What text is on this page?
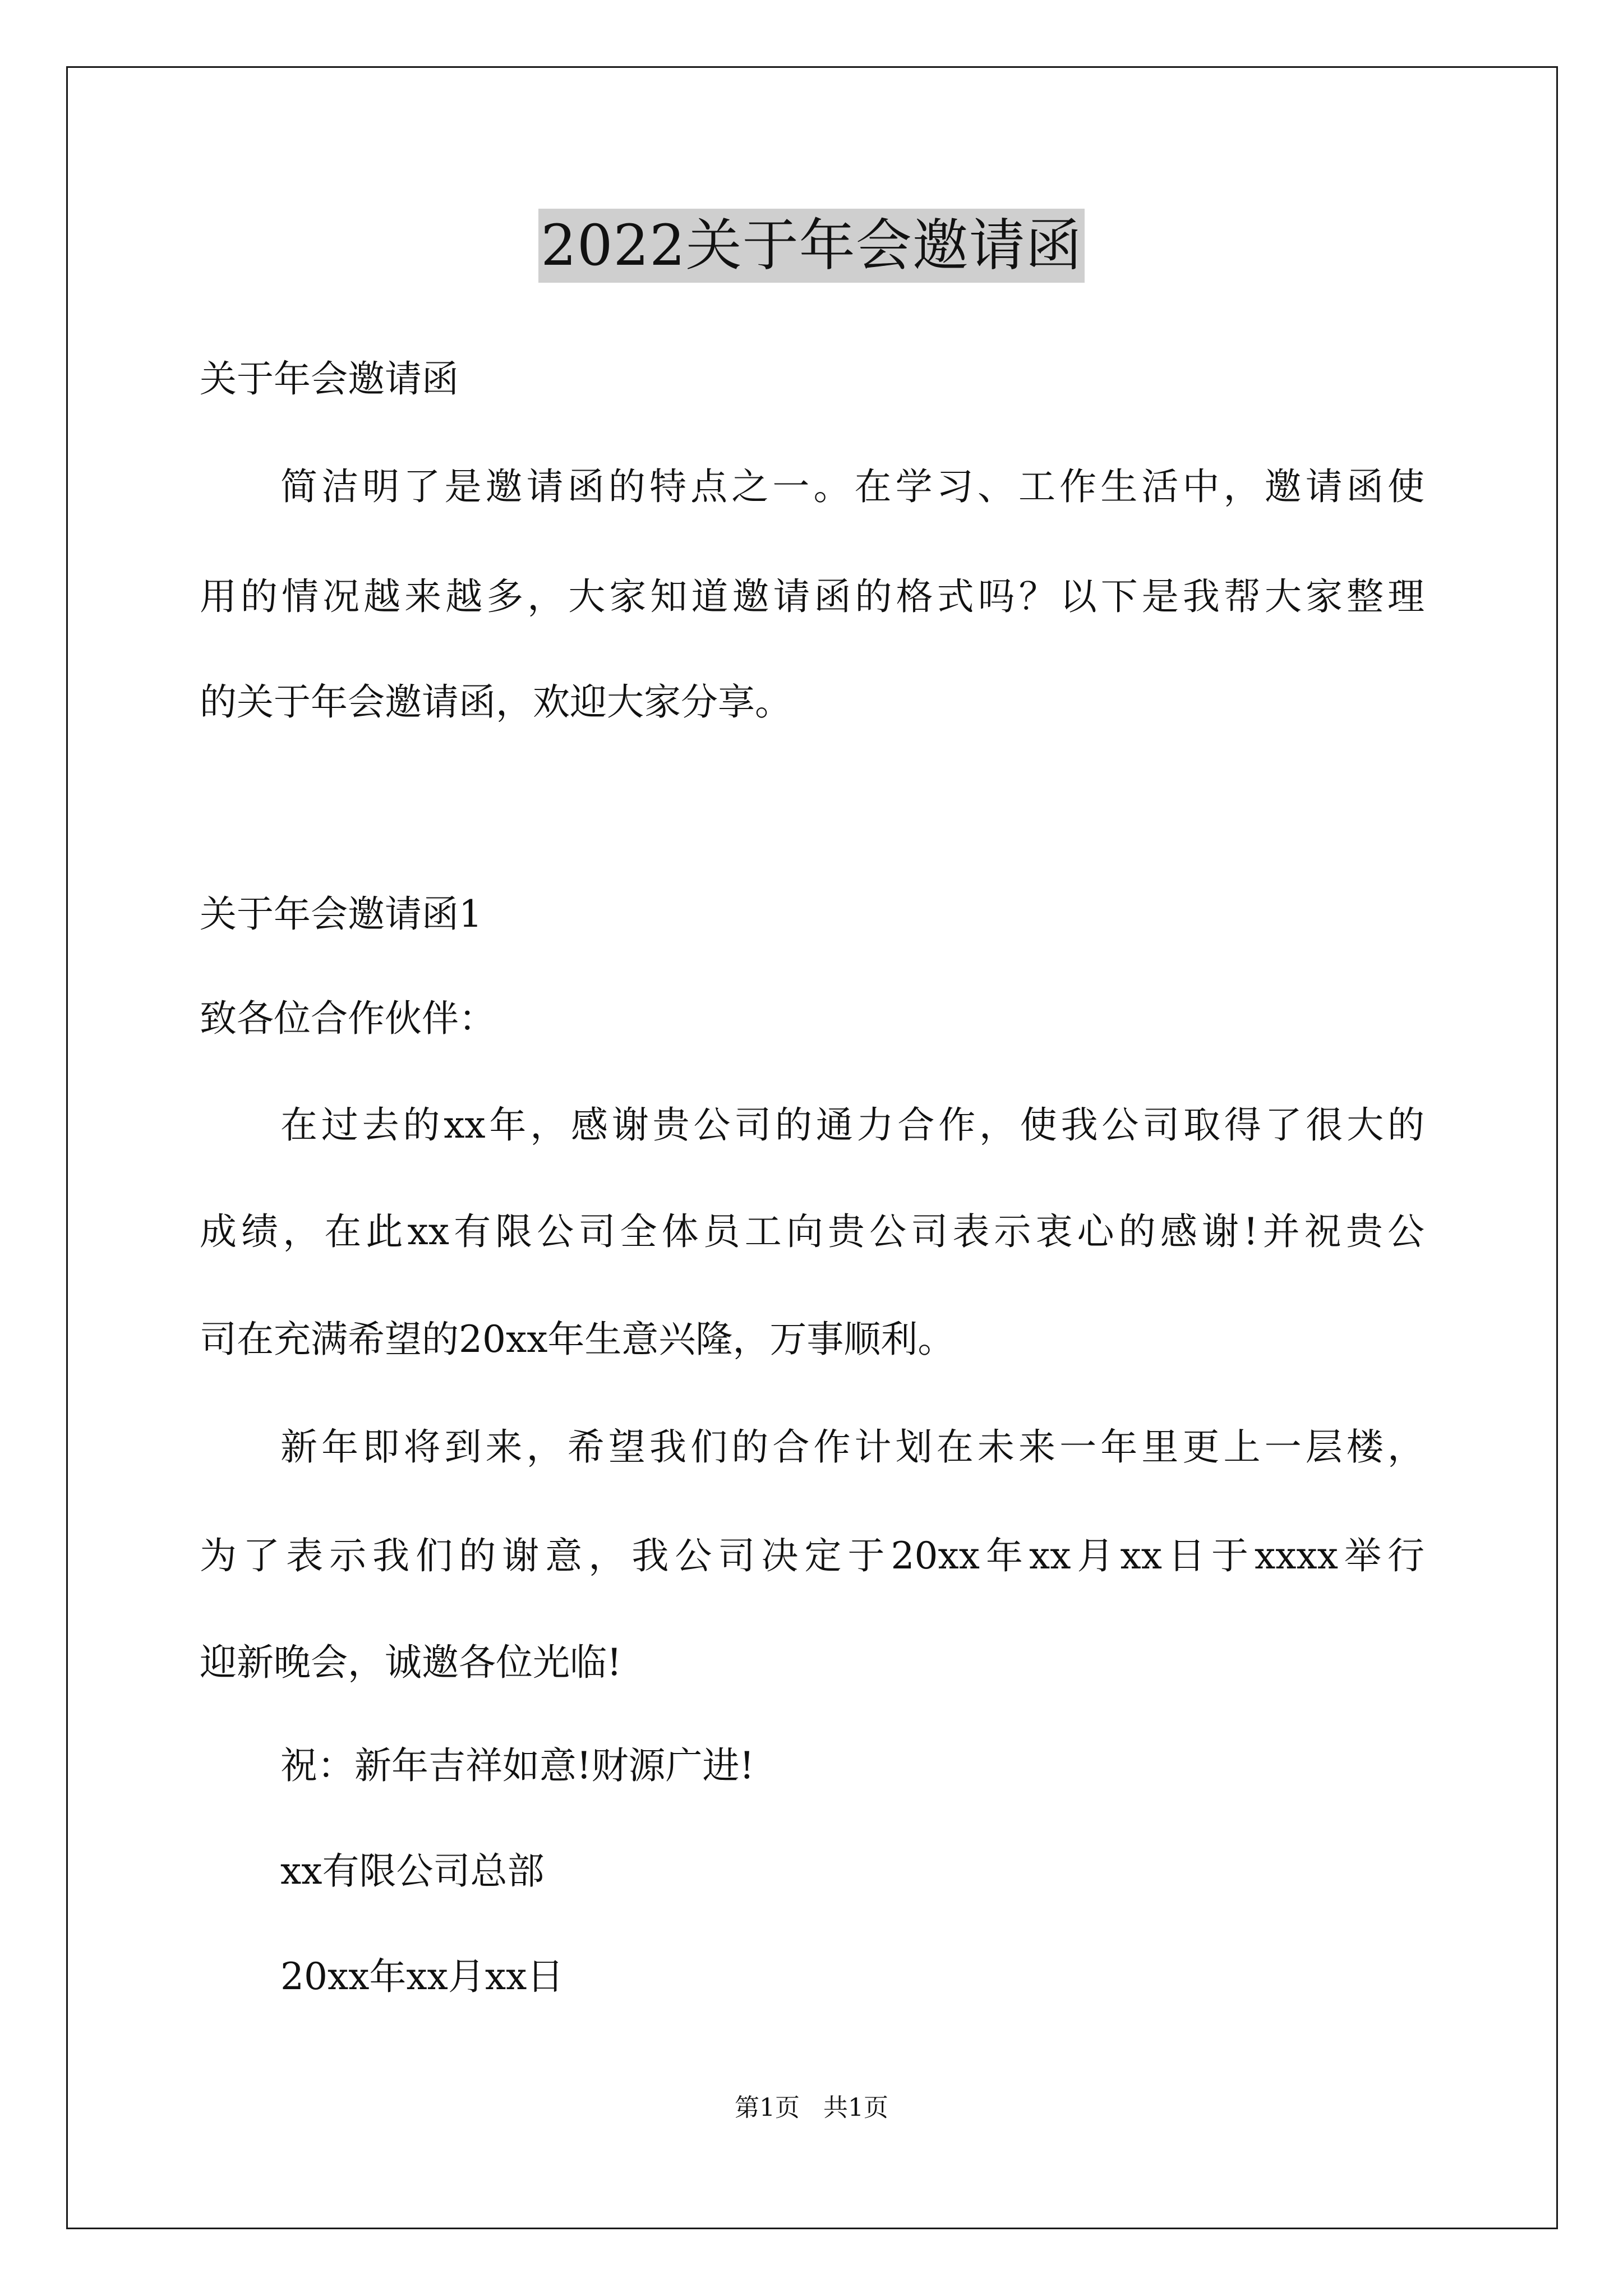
2022关于年会邀请函
关于年会邀请函
简洁明了是邀请函的特点之一。在学习、工作生活中，邀请函使
用的情况越来越多，大家知道邀请函的格式吗？以下是我帮大家整理
的关于年会邀请函，欢迎大家分享。
关于年会邀请函1
致各位合作伙伴：
在过去的xx年，感谢贵公司的通力合作，使我公司取得了很大的
成绩，在此xx有限公司全体员工向贵公司表示衷心的感谢!并祝贵公
司在充满希望的20xx年生意兴隆，万事顺利。
新年即将到来，希望我们的合作计划在未来一年里更上一层楼，
为了表示我们的谢意，我公司决定于20xx年xx月xx日于xxxx举行
迎新晚会，诚邀各位光临!
祝：新年吉祥如意!财源广进!
xx有限公司总部
20xx年xx月xx日
第1页   共1页
